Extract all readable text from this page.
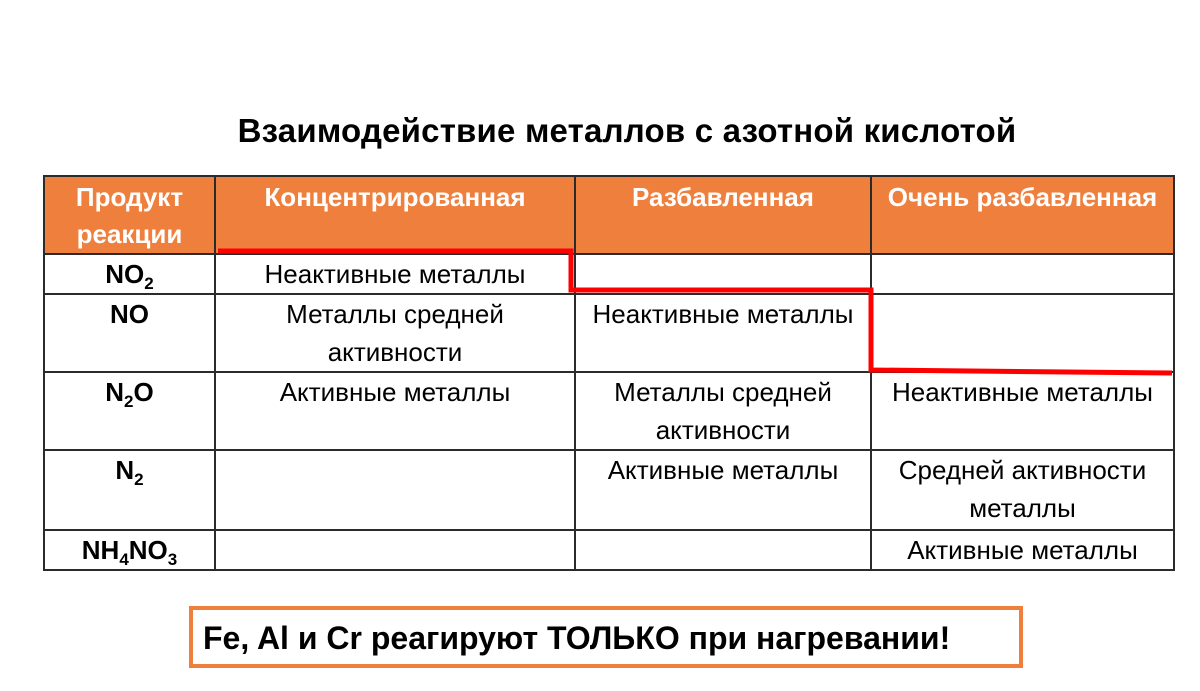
Взаимодействие металлов с азотной кислотой
Продукт реакции	Концентрированная	Разбавленная	Очень разбавленная
$NO_2$	Неактивные металлы		
NO	Металлы средней активности	Неактивные металлы	
$N_2O$	Активные металлы	Металлы средней активности	Неактивные металлы
$N_2$		Активные металлы	Средней активности металлы
$NH_4NO_3$			Активные металлы
Fe, Al и Cr реагируют ТОЛЬКО при нагревании!
